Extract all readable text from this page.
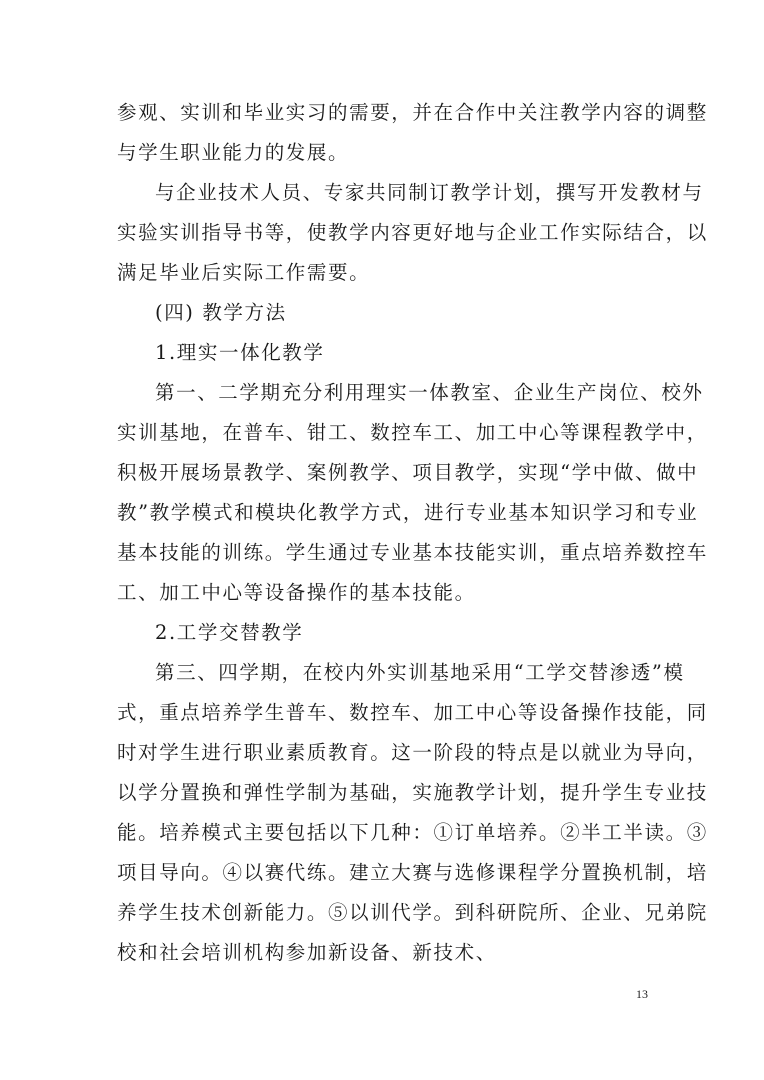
参观、实训和毕业实习的需要，并在合作中关注教学内容的调整
与学生职业能力的发展。
与企业技术人员、专家共同制订教学计划，撰写开发教材与
实验实训指导书等，使教学内容更好地与企业工作实际结合，以
满足毕业后实际工作需要。
(四) 教学方法
1.理实一体化教学
第一、二学期充分利用理实一体教室、企业生产岗位、校外
实训基地，在普车、钳工、数控车工、加工中心等课程教学中，
积极开展场景教学、案例教学、项目教学，实现“学中做、做中
教”教学模式和模块化教学方式，进行专业基本知识学习和专业
基本技能的训练。学生通过专业基本技能实训，重点培养数控车
工、加工中心等设备操作的基本技能。
2.工学交替教学
第三、四学期，在校内外实训基地采用“工学交替渗透”模
式，重点培养学生普车、数控车、加工中心等设备操作技能，同
时对学生进行职业素质教育。这一阶段的特点是以就业为导向，
以学分置换和弹性学制为基础，实施教学计划，提升学生专业技
能。培养模式主要包括以下几种：①订单培养。②半工半读。③
项目导向。④以赛代练。建立大赛与选修课程学分置换机制，培
养学生技术创新能力。⑤以训代学。到科研院所、企业、兄弟院
校和社会培训机构参加新设备、新技术、
13
